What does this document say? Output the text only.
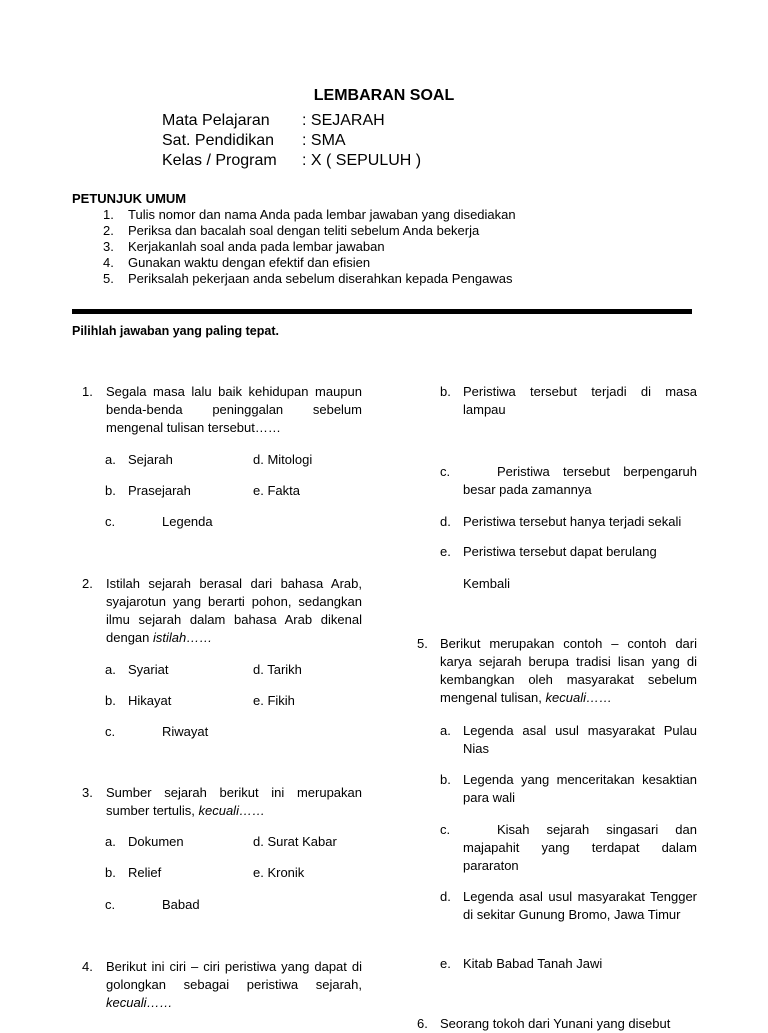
LEMBARAN SOAL
Mata Pelajaran : SEJARAH
Sat. Pendidikan : SMA
Kelas / Program : X ( SEPULUH )
PETUNJUK UMUM
1. Tulis nomor dan nama Anda pada lembar jawaban yang disediakan
2. Periksa dan bacalah soal dengan teliti sebelum Anda bekerja
3. Kerjakanlah soal anda pada lembar jawaban
4. Gunakan waktu dengan efektif dan efisien
5. Periksalah pekerjaan anda sebelum diserahkan kepada Pengawas
Pilihlah jawaban yang paling tepat.
1. Segala masa lalu baik kehidupan maupun benda-benda peninggalan sebelum mengenal tulisan tersebut……
a. Sejarah	d. Mitologi
b. Prasejarah	e. Fakta
c.	Legenda
2. Istilah sejarah berasal dari bahasa Arab, syajarotun yang berarti pohon, sedangkan ilmu sejarah dalam bahasa Arab dikenal dengan istilah……
a. Syariat	d. Tarikh
b. Hikayat	e. Fikih
c.	Riwayat
3. Sumber sejarah berikut ini merupakan sumber tertulis, kecuali……
a. Dokumen	d. Surat Kabar
b. Relief	e. Kronik
c.	Babad
4. Berikut ini ciri – ciri peristiwa yang dapat di golongkan sebagai peristiwa sejarah, kecuali……
b. Peristiwa tersebut terjadi di masa lampau
c.	Peristiwa tersebut berpengaruh besar pada zamannya
d. Peristiwa tersebut hanya terjadi sekali
e. Peristiwa tersebut dapat berulang
Kembali
5. Berikut merupakan contoh – contoh dari karya sejarah berupa tradisi lisan yang di kembangkan oleh masyarakat sebelum mengenal tulisan, kecuali……
a. Legenda asal usul masyarakat Pulau Nias
b. Legenda yang menceritakan kesaktian para wali
c.	Kisah sejarah singasari dan majapahit yang terdapat dalam pararaton
d. Legenda asal usul masyarakat Tengger di sekitar Gunung Bromo, Jawa Timur
e. Kitab Babad Tanah Jawi
6. Seorang tokoh dari Yunani yang disebut
